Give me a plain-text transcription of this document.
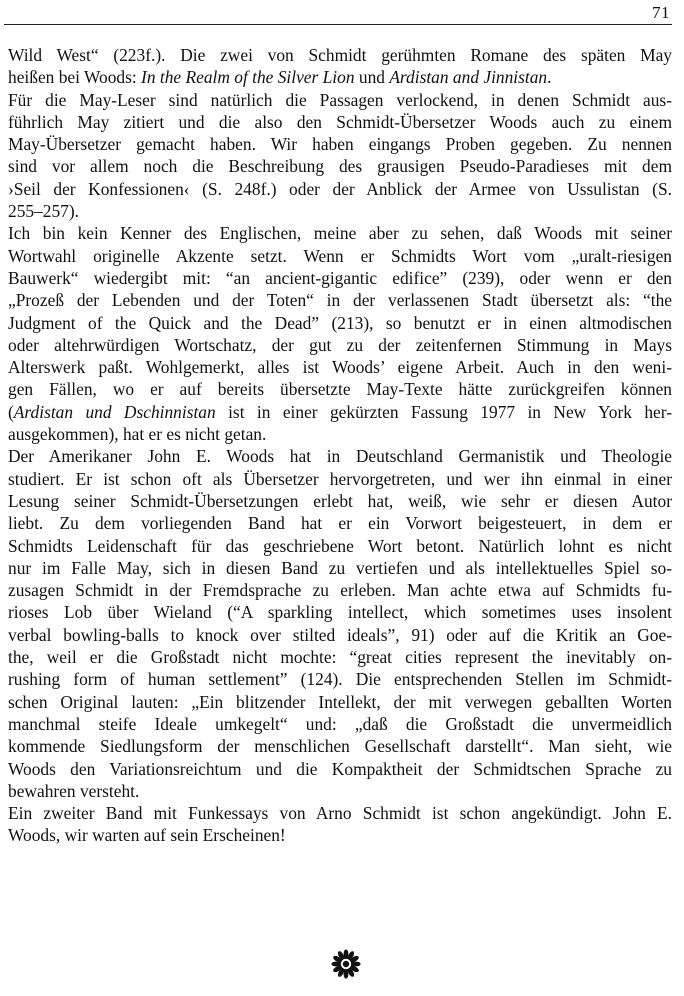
71
Wild West“ (223f.). Die zwei von Schmidt gerühmten Romane des späten May
heißen bei Woods: In the Realm of the Silver Lion und Ardistan and Jinnistan.
Für die May-Leser sind natürlich die Passagen verlockend, in denen Schmidt aus-
führlich May zitiert und die also den Schmidt-Übersetzer Woods auch zu einem
May-Übersetzer gemacht haben. Wir haben eingangs Proben gegeben. Zu nennen
sind vor allem noch die Beschreibung des grausigen Pseudo-Paradieses mit dem
›Seil der Konfessionen‹ (S. 248f.) oder der Anblick der Armee von Ussulistan (S.
255–257).
Ich bin kein Kenner des Englischen, meine aber zu sehen, daß Woods mit seiner
Wortwahl originelle Akzente setzt. Wenn er Schmidts Wort vom „uralt-riesigen
Bauwerk“ wiedergibt mit: “an ancient-gigantic edifice” (239), oder wenn er den
„Prozeß der Lebenden und der Toten“ in der verlassenen Stadt übersetzt als: “the
Judgment of the Quick and the Dead” (213), so benutzt er in einen altmodischen
oder altehrwürdigen Wortschatz, der gut zu der zeitenfernen Stimmung in Mays
Alterswerk paßt. Wohlgemerkt, alles ist Woods’ eigene Arbeit. Auch in den weni-
gen Fällen, wo er auf bereits übersetzte May-Texte hätte zurückgreifen können
(Ardistan und Dschinnistan ist in einer gekürzten Fassung 1977 in New York her-
ausgekommen), hat er es nicht getan.
Der Amerikaner John E. Woods hat in Deutschland Germanistik und Theologie
studiert. Er ist schon oft als Übersetzer hervorgetreten, und wer ihn einmal in einer
Lesung seiner Schmidt-Übersetzungen erlebt hat, weiß, wie sehr er diesen Autor
liebt. Zu dem vorliegenden Band hat er ein Vorwort beigesteuert, in dem er
Schmidts Leidenschaft für das geschriebene Wort betont. Natürlich lohnt es nicht
nur im Falle May, sich in diesen Band zu vertiefen und als intellektuelles Spiel so-
zusagen Schmidt in der Fremdsprache zu erleben. Man achte etwa auf Schmidts fu-
rioses Lob über Wieland (“A sparkling intellect, which sometimes uses insolent
verbal bowling-balls to knock over stilted ideals”, 91) oder auf die Kritik an Goe-
the, weil er die Großstadt nicht mochte: “great cities represent the inevitably on-
rushing form of human settlement” (124). Die entsprechenden Stellen im Schmidt-
schen Original lauten: „Ein blitzender Intellekt, der mit verwegen geballten Worten
manchmal steife Ideale umkegelt“ und: „daß die Großstadt die unvermeidlich
kommende Siedlungsform der menschlichen Gesellschaft darstellt“. Man sieht, wie
Woods den Variationsreichtum und die Kompaktheit der Schmidtschen Sprache zu
bewahren versteht.
Ein zweiter Band mit Funkessays von Arno Schmidt ist schon angekündigt. John E.
Woods, wir warten auf sein Erscheinen!
